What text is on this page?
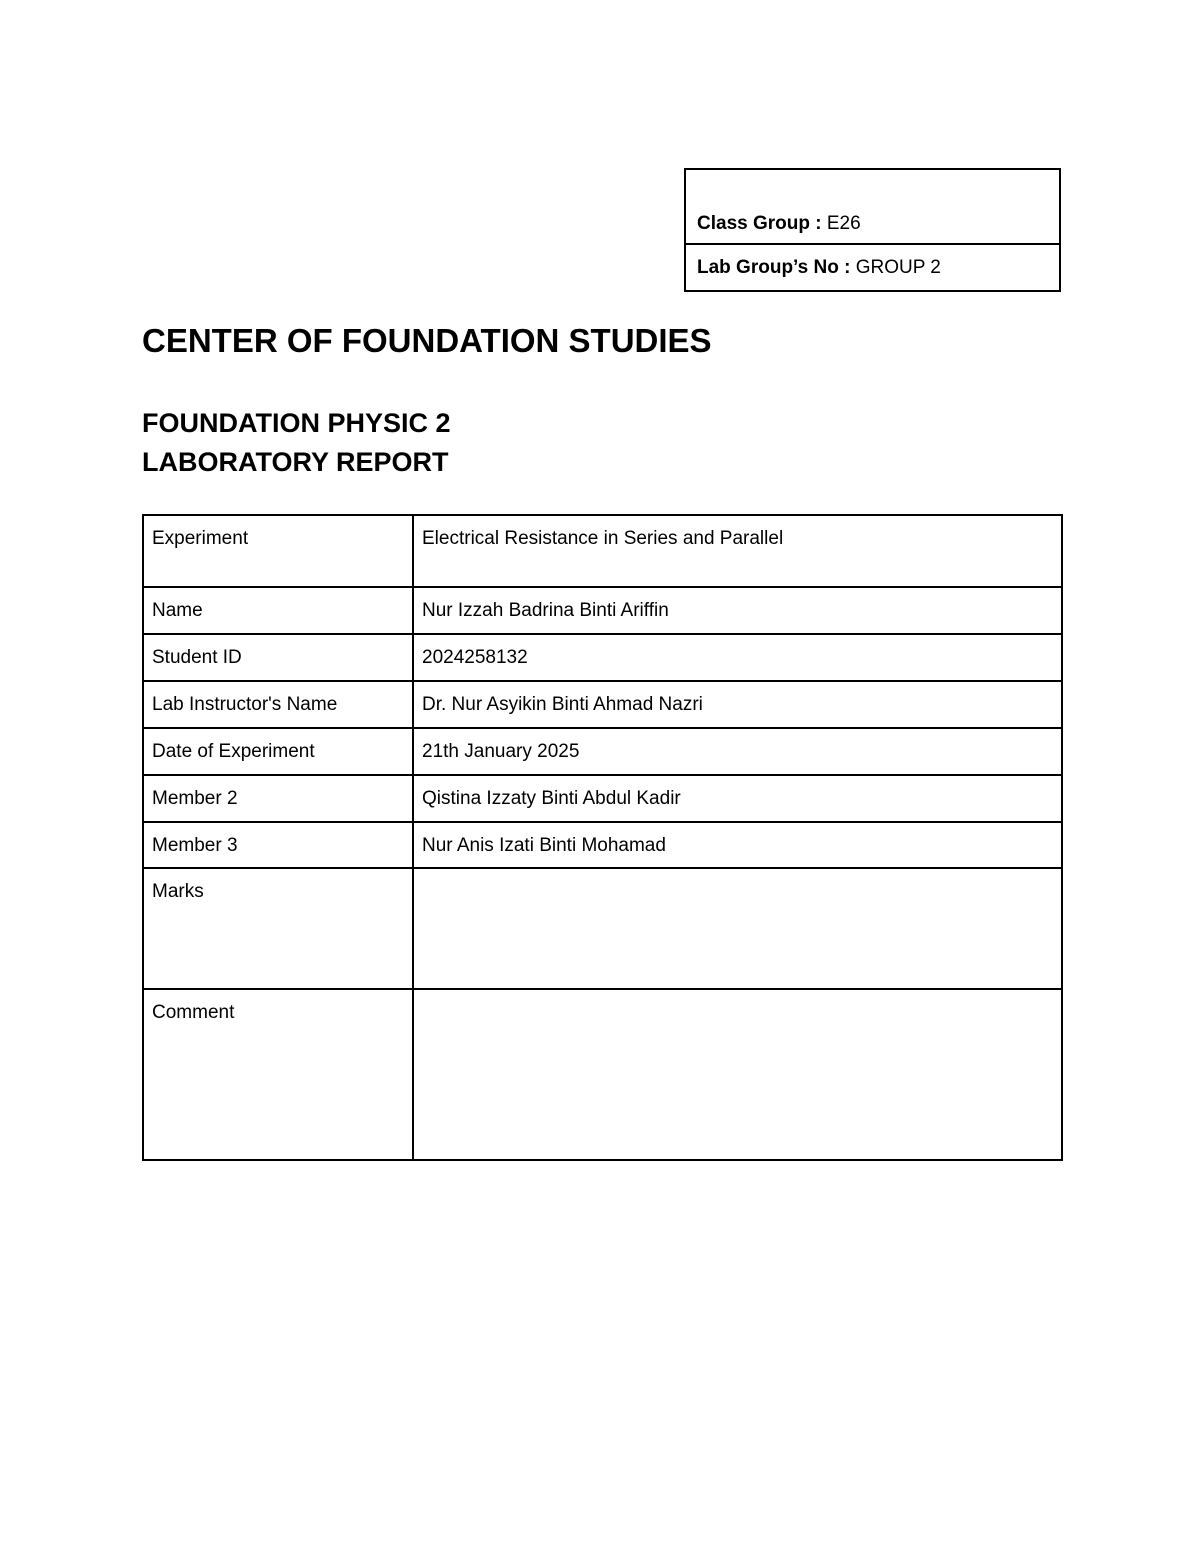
Class Group : E26
Lab Group’s No : GROUP 2
CENTER OF FOUNDATION STUDIES
FOUNDATION PHYSIC 2
LABORATORY REPORT
Experiment	Electrical Resistance in Series and Parallel
Name	Nur Izzah Badrina Binti Ariffin
Student ID	2024258132
Lab Instructor's Name	Dr. Nur Asyikin Binti Ahmad Nazri
Date of Experiment	21th January 2025
Member 2	Qistina Izzaty Binti Abdul Kadir
Member 3	Nur Anis Izati Binti Mohamad
Marks	
Comment	
